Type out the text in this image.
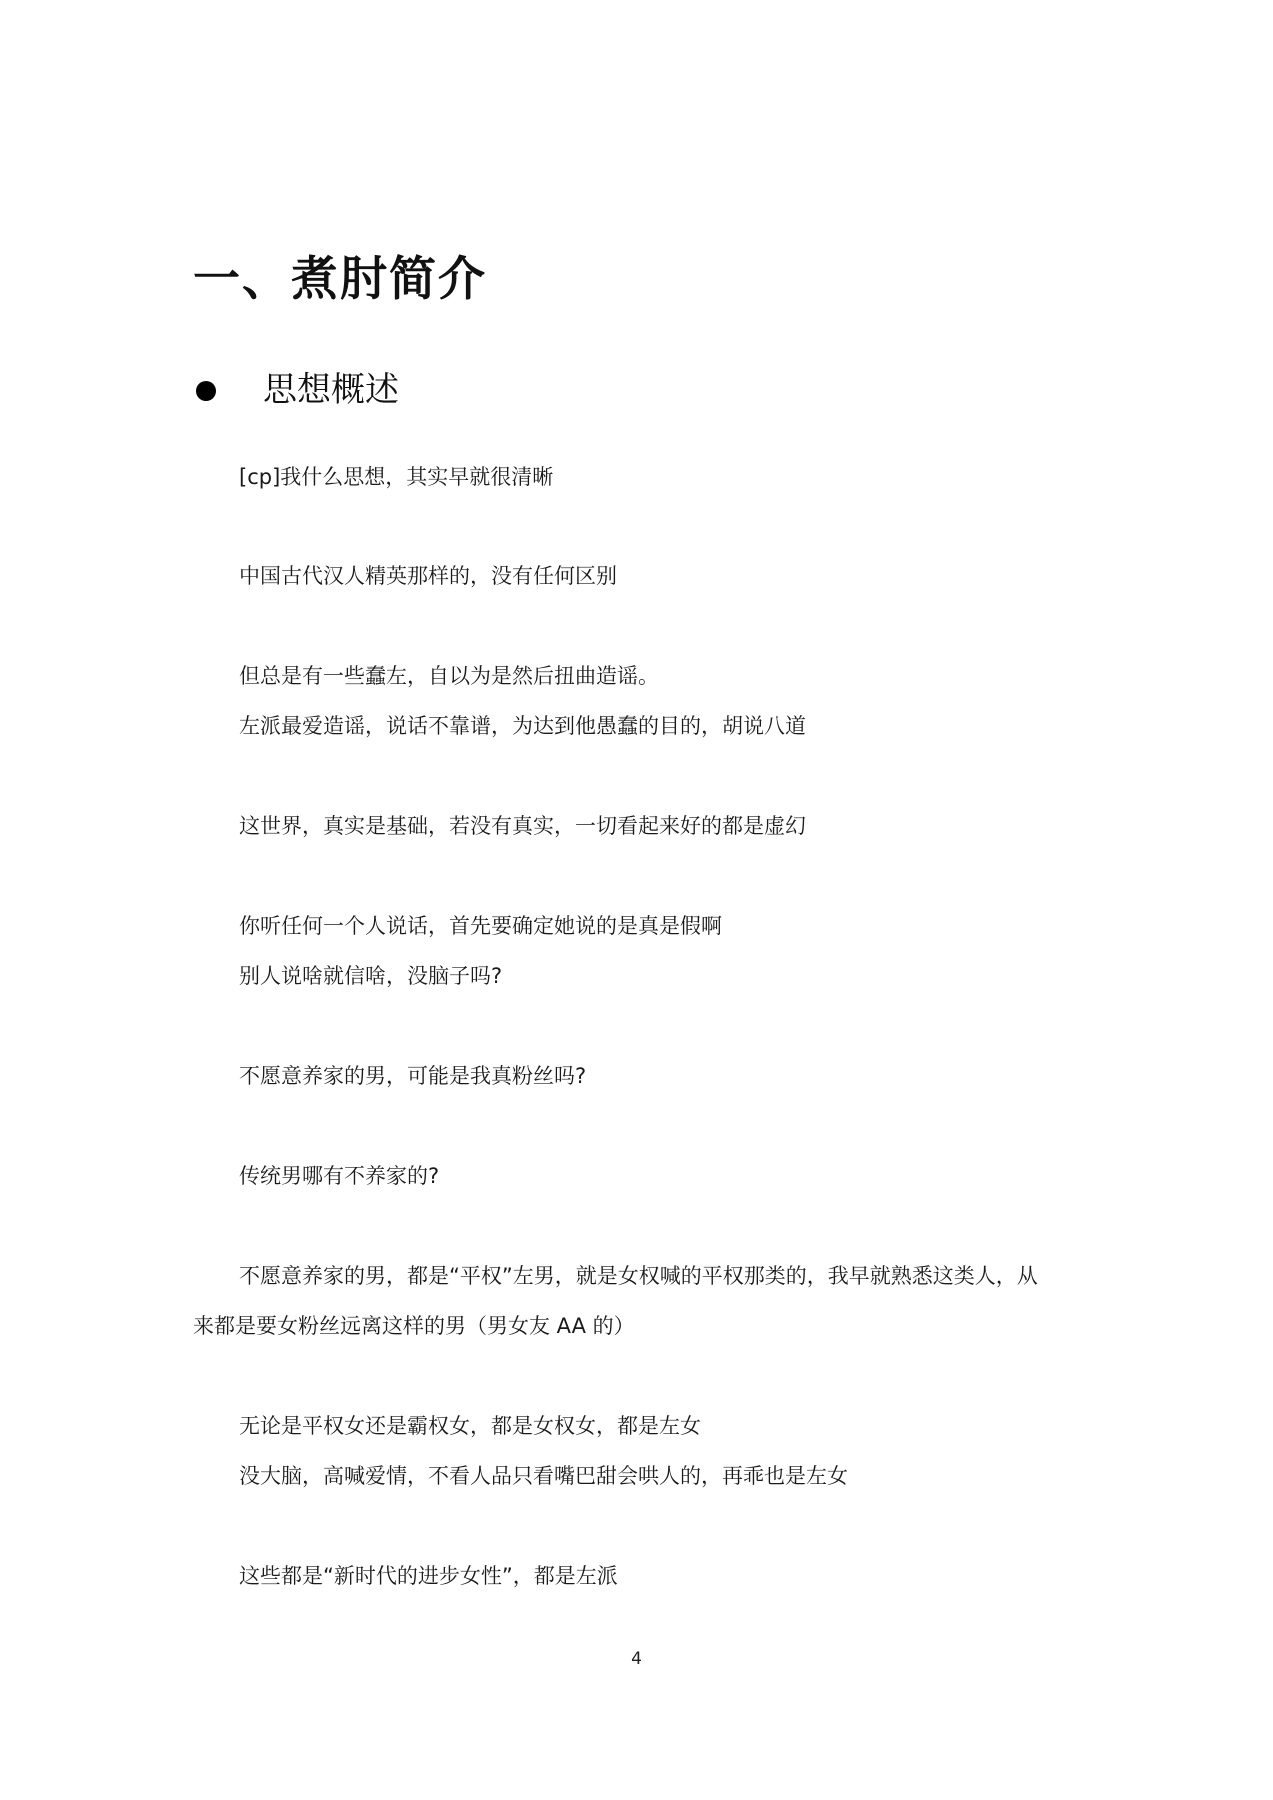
一、煮肘简介
思想概述
[cp]我什么思想，其实早就很清晰
中国古代汉人精英那样的，没有任何区别
但总是有一些蠢左，自以为是然后扭曲造谣。
左派最爱造谣，说话不靠谱，为达到他愚蠢的目的，胡说八道
这世界，真实是基础，若没有真实，一切看起来好的都是虚幻
你听任何一个人说话，首先要确定她说的是真是假啊
别人说啥就信啥，没脑子吗?
不愿意养家的男，可能是我真粉丝吗?
传统男哪有不养家的?
不愿意养家的男，都是“平权”左男，就是女权喊的平权那类的，我早就熟悉这类人，从
来都是要女粉丝远离这样的男（男女友 AA 的）
无论是平权女还是霸权女，都是女权女，都是左女
没大脑，高喊爱情，不看人品只看嘴巴甜会哄人的，再乖也是左女
这些都是“新时代的进步女性”，都是左派
4
